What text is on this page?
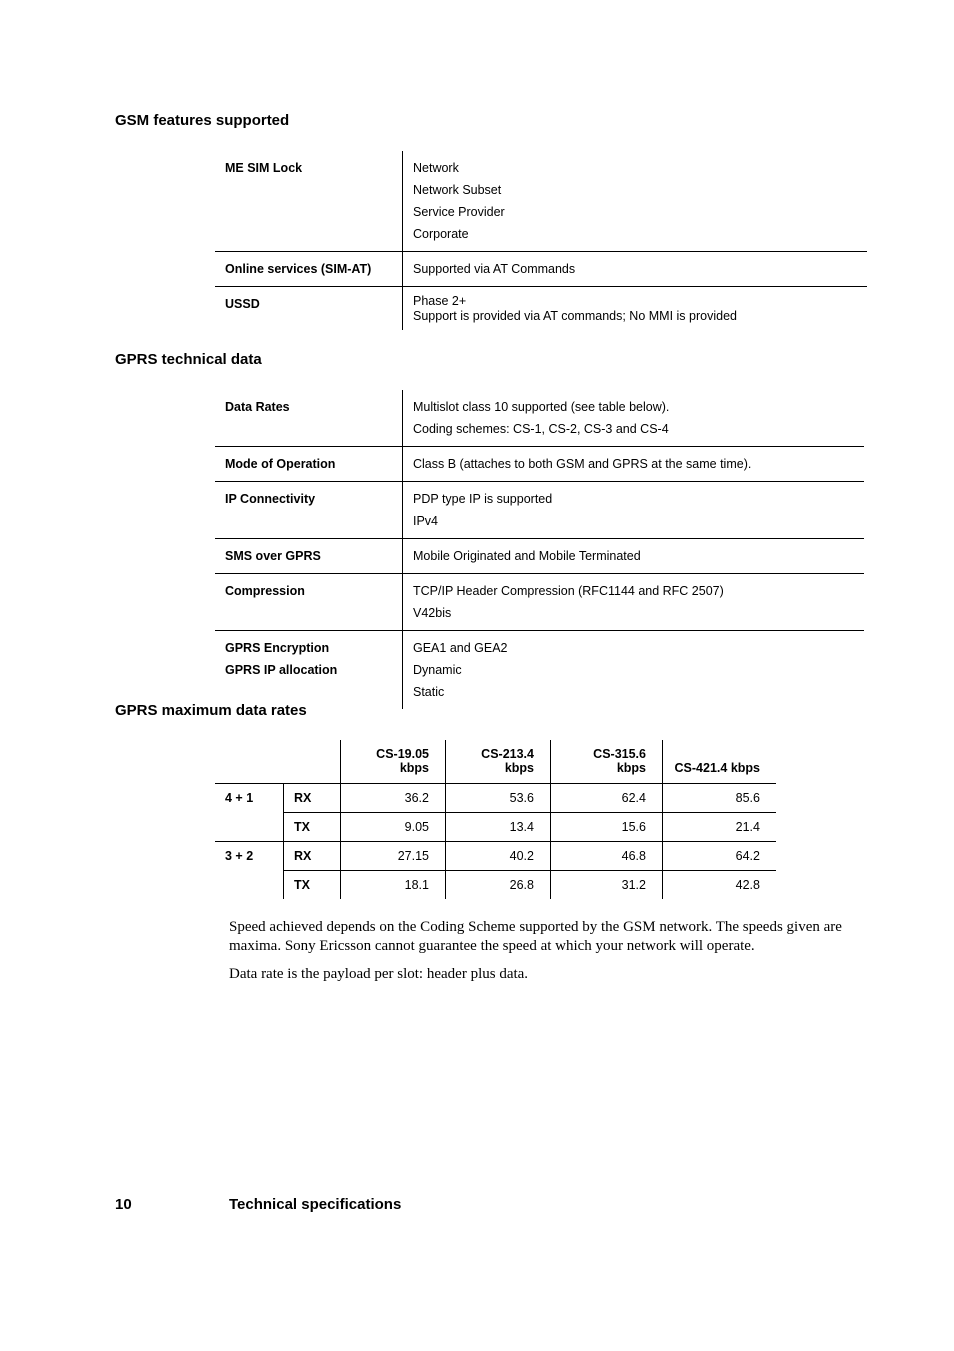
GSM features supported
ME SIM Lock	Network
Network Subset
Service Provider
Corporate

Online services (SIM-AT)	Supported via AT Commands
USSD	Phase 2+
Support is provided via AT commands; No MMI is provided
GPRS technical data
Data Rates	Multislot class 10 supported (see table below).
Coding schemes: CS-1, CS-2, CS-3 and CS-4

Mode of Operation	Class B (attaches to both GSM and GPRS at the same time).
IP Connectivity	PDP type IP is supported
IPv4

SMS over GPRS	Mobile Originated and Mobile Terminated
Compression	TCP/IP Header Compression (RFC1144 and RFC 2507)
V42bis

GPRS Encryption	GEA1 and GEA2
GPRS IP allocation	Dynamic
Static
GPRS maximum data rates
		CS-19.05 kbps	CS-213.4 kbps	CS-315.6 kbps	CS-421.4 kbps
4 + 1	RX	36.2	53.6	62.4	85.6
	TX	9.05	13.4	15.6	21.4
3 + 2	RX	27.15	40.2	46.8	64.2
	TX	18.1	26.8	31.2	42.8
Speed achieved depends on the Coding Scheme supported by the GSM network. The speeds given are maxima. Sony Ericsson cannot guarantee the speed at which your network will operate.
Data rate is the payload per slot: header plus data.
10	Technical specifications
